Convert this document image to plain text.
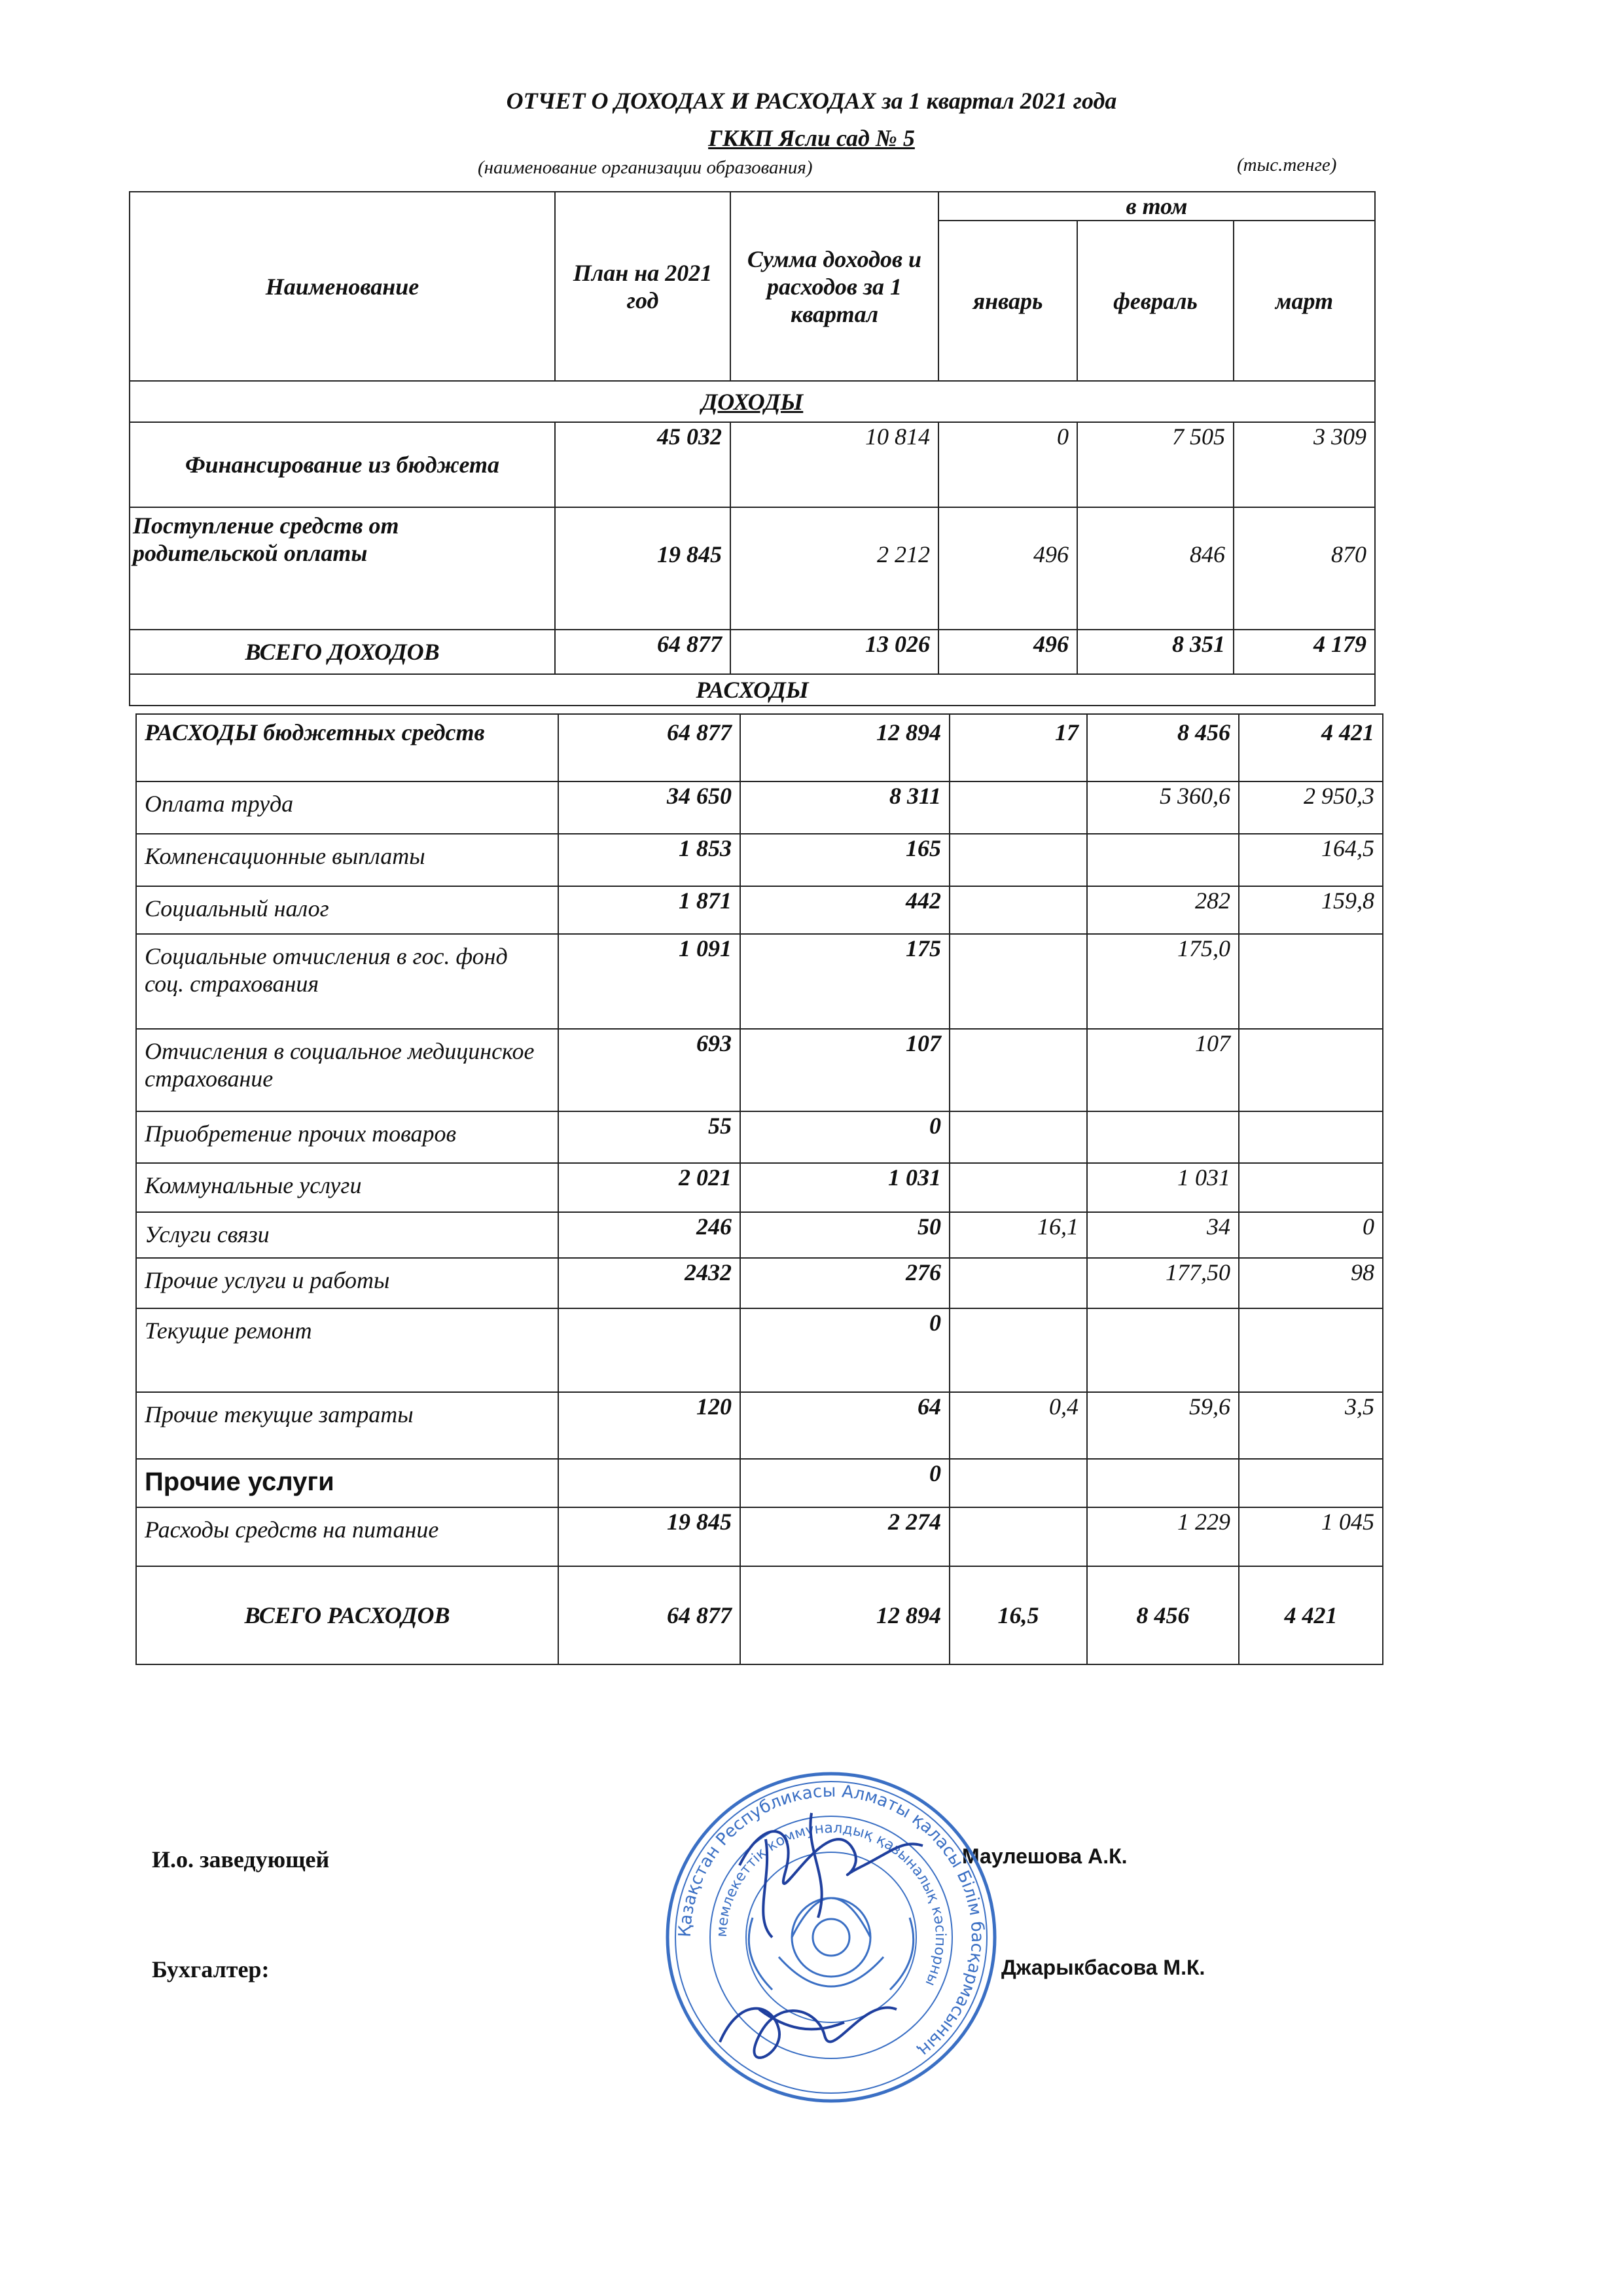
ОТЧЕТ О ДОХОДАХ И РАСХОДАХ за 1 квартал 2021 года
ГККП Ясли сад № 5
(наименование организации образования)	(тыс.тенге)
Наименование	План на 2021 год	Сумма доходов и расходов за 1 квартал	в том		
			январь	февраль	март
ДОХОДЫ					
Финансирование из бюджета	45 032	10 814	0	7 505	3 309
Поступление средств от родительской оплаты	19 845	2 212	496	846	870
ВСЕГО ДОХОДОВ	64 877	13 026	496	8 351	4 179
РАСХОДЫ					
РАСХОДЫ бюджетных средств	64 877	12 894	17	8 456	4 421
Оплата труда	34 650	8 311		5 360,6	2 950,3
Компенсационные выплаты	1 853	165			164,5
Социальный налог	1 871	442		282	159,8
Социальные отчисления в гос. фонд соц. страхования	1 091	175		175,0	
Отчисления в социальное медицинское страхование	693	107		107	
Приобретение прочих товаров	55	0			
Коммунальные услуги	2 021	1 031		1 031	
Услуги связи	246	50	16,1	34	0
Прочие услуги и работы	2432	276		177,50	98
Текущие ремонт		0			
Прочие текущие затраты	120	64	0,4	59,6	3,5
Прочие услуги		0			
Расходы средств на питание	19 845	2 274		1 229	1 045
ВСЕГО РАСХОДОВ	64 877	12 894	16,5	8 456	4 421
И.о. заведующей	Маулешова А.К.
Бухгалтер:	Джарыкбасова М.К.
Қазақстан Республикасы Алматы қаласы Білім басқармасының
мемлекеттік коммуналдық қазыналық кәсіпорны
